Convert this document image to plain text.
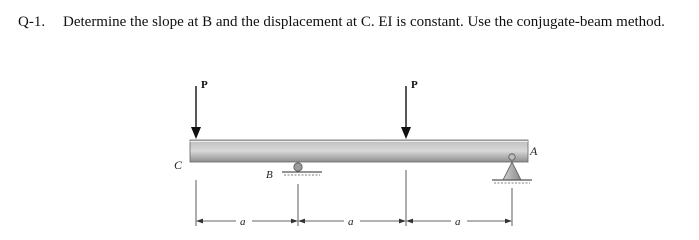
Q-1. Determine the slope at B and the displacement at C. EI is constant. Use the conjugate-beam method.
P	P
C
B
A
a	a	a
